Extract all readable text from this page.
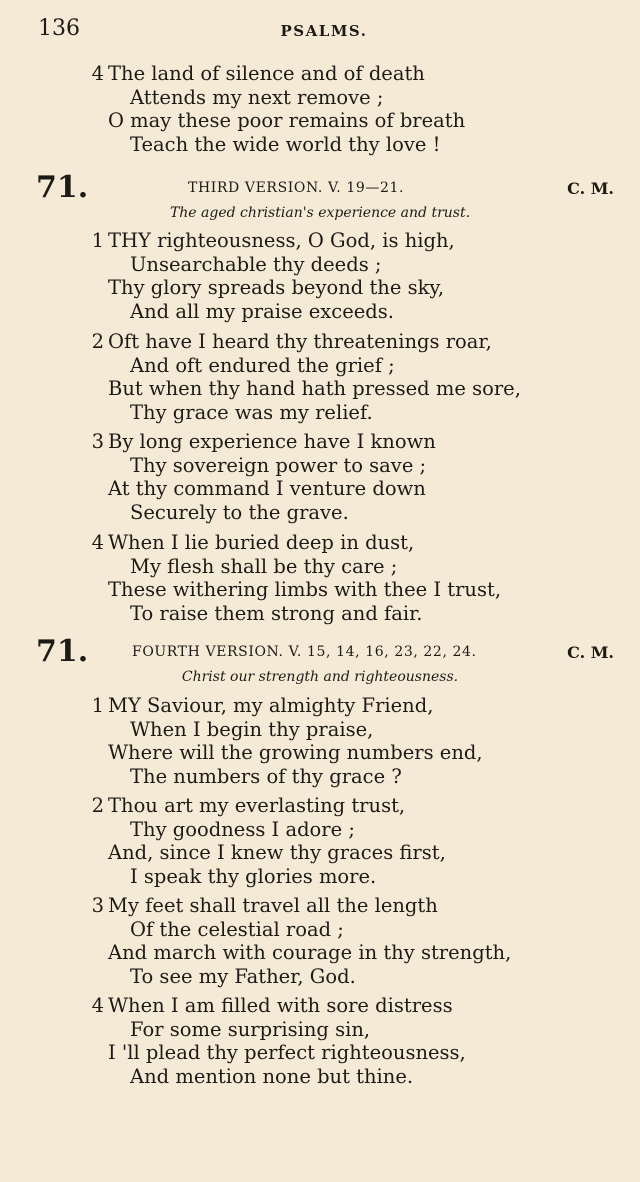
136	PSALMS.
4 The land of silence and of death
Attends my next remove ;
O may these poor remains of breath
Teach the wide world thy love !
71.	THIRD VERSION. V. 19—21.	C. M.
The aged christian's experience and trust.
1 THY righteousness, O God, is high,
Unsearchable thy deeds ;
Thy glory spreads beyond the sky,
And all my praise exceeds.
2 Oft have I heard thy threatenings roar,
And oft endured the grief ;
But when thy hand hath pressed me sore,
Thy grace was my relief.
3 By long experience have I known
Thy sovereign power to save ;
At thy command I venture down
Securely to the grave.
4 When I lie buried deep in dust,
My flesh shall be thy care ;
These withering limbs with thee I trust,
To raise them strong and fair.
71.	FOURTH VERSION. V. 15, 14, 16, 23, 22, 24.	C. M.
Christ our strength and righteousness.
1 MY Saviour, my almighty Friend,
When I begin thy praise,
Where will the growing numbers end,
The numbers of thy grace ?
2 Thou art my everlasting trust,
Thy goodness I adore ;
And, since I knew thy graces first,
I speak thy glories more.
3 My feet shall travel all the length
Of the celestial road ;
And march with courage in thy strength,
To see my Father, God.
4 When I am filled with sore distress
For some surprising sin,
I 'll plead thy perfect righteousness,
And mention none but thine.
